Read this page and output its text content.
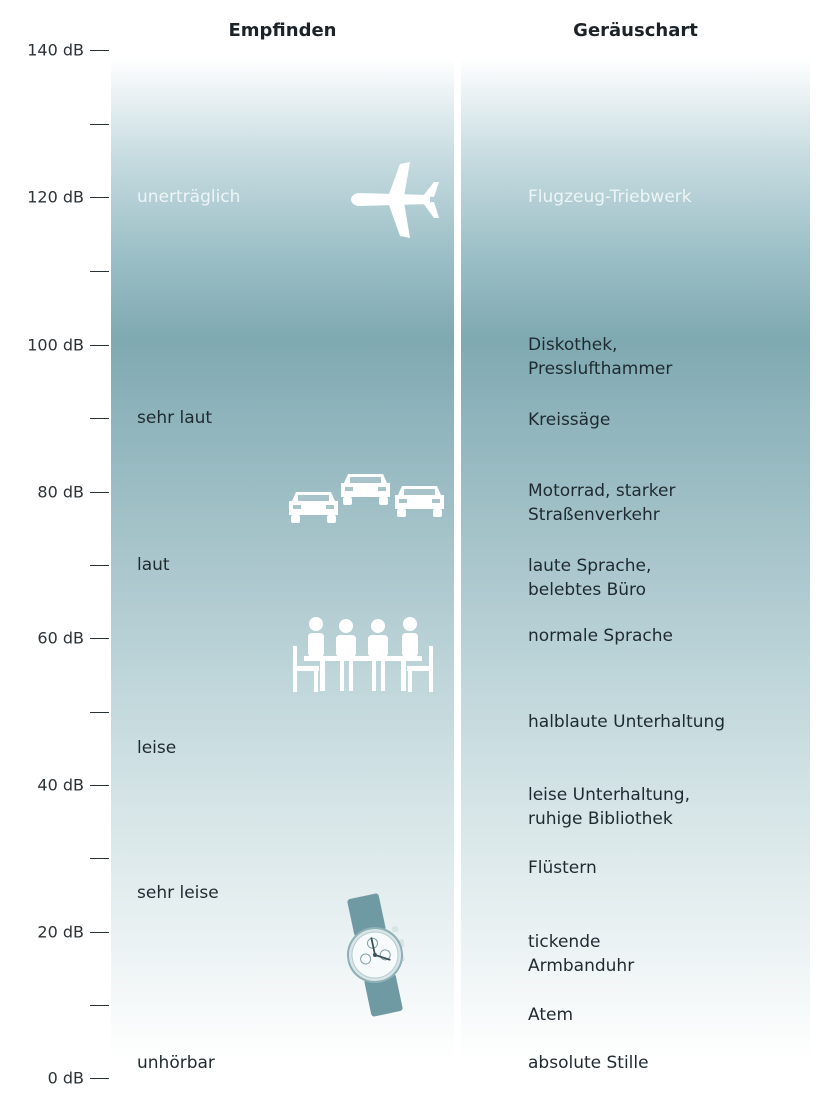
Empfinden	Geräuschart
140 dB
120 dB
100 dB
80 dB
60 dB
40 dB
20 dB
0 dB
unerträglich
sehr laut
laut
leise
sehr leise
unhörbar
Flugzeug-Triebwerk
Diskothek,
Presslufthammer
Kreissäge
Motorrad, starker
Straßenverkehr
laute Sprache,
belebtes Büro
normale Sprache
halblaute Unterhaltung
leise Unterhaltung,
ruhige Bibliothek
Flüstern
tickende
Armbanduhr
Atem
absolute Stille
